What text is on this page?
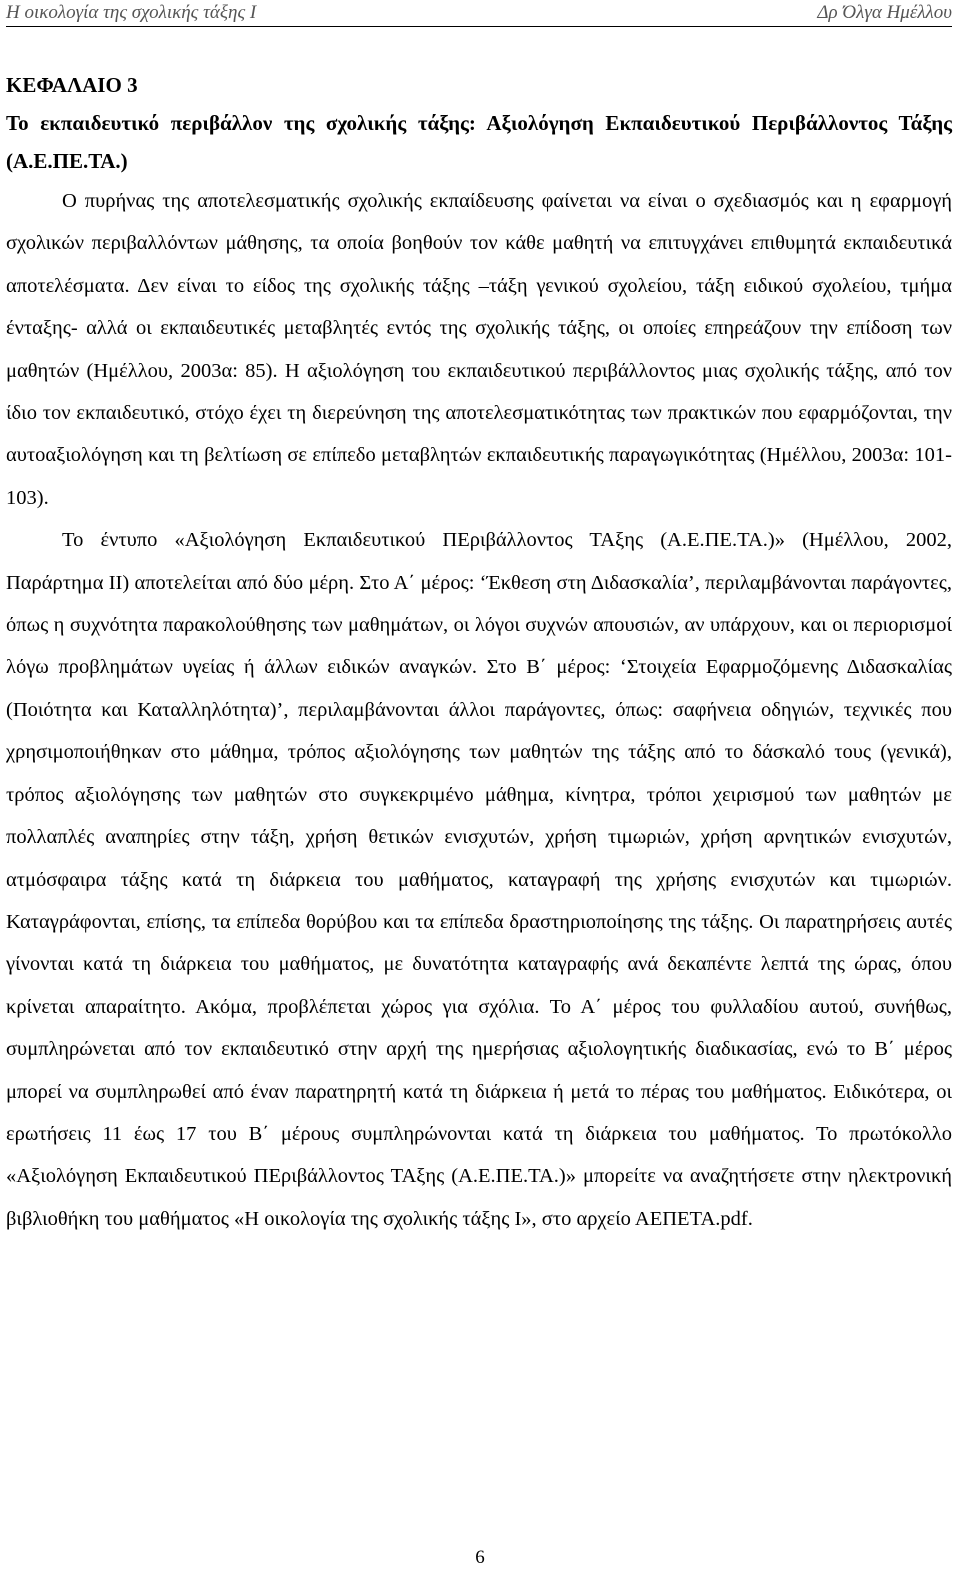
Η οικολογία της σχολικής τάξης Ι	Δρ Όλγα Ημέλλου
ΚΕΦΑΛΑΙΟ 3
Το εκπαιδευτικό περιβάλλον της σχολικής τάξης: Αξιολόγηση Εκπαιδευτικού Περιβάλλοντος Τάξης (Α.Ε.ΠΕ.ΤΑ.)

Ο πυρήνας της αποτελεσματικής σχολικής εκπαίδευσης φαίνεται να είναι ο σχεδιασμός και η εφαρμογή σχολικών περιβαλλόντων μάθησης, τα οποία βοηθούν τον κάθε μαθητή να επιτυγχάνει επιθυμητά εκπαιδευτικά αποτελέσματα. Δεν είναι το είδος της σχολικής τάξης –τάξη γενικού σχολείου, τάξη ειδικού σχολείου, τμήμα ένταξης- αλλά οι εκπαιδευτικές μεταβλητές εντός της σχολικής τάξης, οι οποίες επηρεάζουν την επίδοση των μαθητών (Ημέλλου, 2003α: 85). Η αξιολόγηση του εκπαιδευτικού περιβάλλοντος μιας σχολικής τάξης, από τον ίδιο τον εκπαιδευτικό, στόχο έχει τη διερεύνηση της αποτελεσματικότητας των πρακτικών που εφαρμόζονται, την αυτοαξιολόγηση και τη βελτίωση σε επίπεδο μεταβλητών εκπαιδευτικής παραγωγικότητας (Ημέλλου, 2003α: 101-103).

Το έντυπο «Αξιολόγηση Εκπαιδευτικού ΠΕριβάλλοντος ΤΑξης (Α.Ε.ΠΕ.ΤΑ.)» (Ημέλλου, 2002, Παράρτημα ΙΙ) αποτελείται από δύο μέρη. Στο Α΄ μέρος: ‘Έκθεση στη Διδασκαλία’, περιλαμβάνονται παράγοντες, όπως η συχνότητα παρακολούθησης των μαθημάτων, οι λόγοι συχνών απουσιών, αν υπάρχουν, και οι περιορισμοί λόγω προβλημάτων υγείας ή άλλων ειδικών αναγκών. Στο Β΄ μέρος: ‘Στοιχεία Εφαρμοζόμενης Διδασκαλίας (Ποιότητα και Καταλληλότητα)’, περιλαμβάνονται άλλοι παράγοντες, όπως: σαφήνεια οδηγιών, τεχνικές που χρησιμοποιήθηκαν στο μάθημα, τρόπος αξιολόγησης των μαθητών της τάξης από το δάσκαλό τους (γενικά), τρόπος αξιολόγησης των μαθητών στο συγκεκριμένο μάθημα, κίνητρα, τρόποι χειρισμού των μαθητών με πολλαπλές αναπηρίες στην τάξη, χρήση θετικών ενισχυτών, χρήση τιμωριών, χρήση αρνητικών ενισχυτών, ατμόσφαιρα τάξης κατά τη διάρκεια του μαθήματος, καταγραφή της χρήσης ενισχυτών και τιμωριών. Καταγράφονται, επίσης, τα επίπεδα θορύβου και τα επίπεδα δραστηριοποίησης της τάξης. Οι παρατηρήσεις αυτές γίνονται κατά τη διάρκεια του μαθήματος, με δυνατότητα καταγραφής ανά δεκαπέντε λεπτά της ώρας, όπου κρίνεται απαραίτητο. Ακόμα, προβλέπεται χώρος για σχόλια. Το Α΄ μέρος του φυλλαδίου αυτού, συνήθως, συμπληρώνεται από τον εκπαιδευτικό στην αρχή της ημερήσιας αξιολογητικής διαδικασίας, ενώ το Β΄ μέρος μπορεί να συμπληρωθεί από έναν παρατηρητή κατά τη διάρκεια ή μετά το πέρας του μαθήματος. Ειδικότερα, οι ερωτήσεις 11 έως 17 του Β΄ μέρους συμπληρώνονται κατά τη διάρκεια του μαθήματος. Το πρωτόκολλο «Αξιολόγηση Εκπαιδευτικού ΠΕριβάλλοντος ΤΑξης (Α.Ε.ΠΕ.ΤΑ.)» μπορείτε να αναζητήσετε στην ηλεκτρονική βιβλιοθήκη του μαθήματος «Η οικολογία της σχολικής τάξης Ι», στο αρχείο ΑΕΠΕΤΑ.pdf.

6
